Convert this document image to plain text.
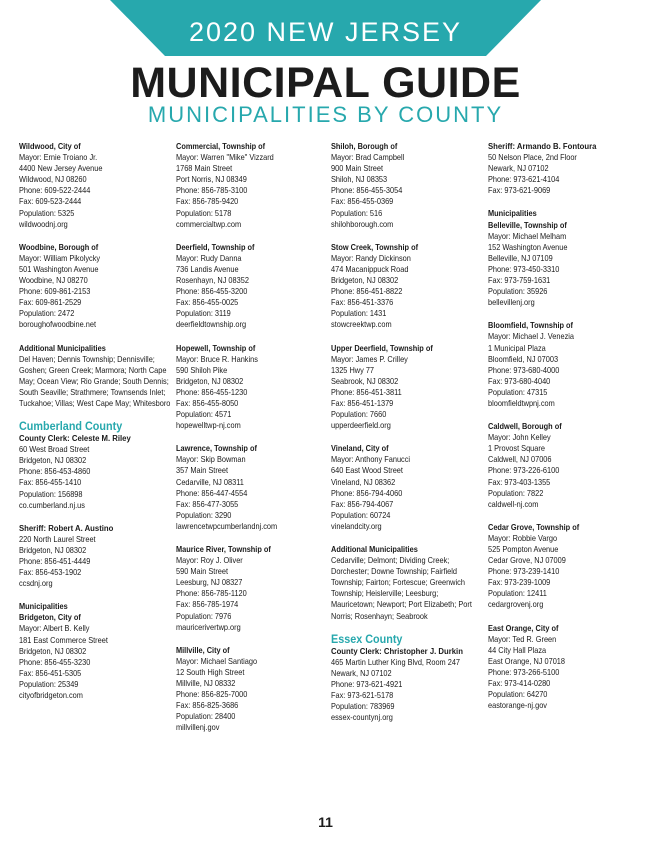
2020 NEW JERSEY
MUNICIPAL GUIDE
MUNICIPALITIES BY COUNTY
Wildwood, City of
Mayor: Ernie Troiano Jr.
4400 New Jersey Avenue
Wildwood, NJ 08260
Phone: 609-522-2444
Fax: 609-523-2444
Population: 5325
wildwoodnj.org
Woodbine, Borough of
Mayor: William Pikolycky
501 Washington Avenue
Woodbine, NJ 08270
Phone: 609-861-2153
Fax: 609-861-2529
Population: 2472
boroughofwoodbine.net
Additional Municipalities
Del Haven; Dennis Township; Dennisville; Goshen; Green Creek; Marmora; North Cape May; Ocean View; Rio Grande; South Dennis; South Seaville; Strathmere; Townsends Inlet; Tuckahoe; Villas; West Cape May; Whitesboro
Cumberland County
County Clerk: Celeste M. Riley
60 West Broad Street
Bridgeton, NJ 08302
Phone: 856-453-4860
Fax: 856-455-1410
Population: 156898
co.cumberland.nj.us
Sheriff: Robert A. Austino
220 North Laurel Street
Bridgeton, NJ 08302
Phone: 856-451-4449
Fax: 856-453-1902
ccsdnj.org
Municipalities
Bridgeton, City of
Mayor: Albert B. Kelly
181 East Commerce Street
Bridgeton, NJ 08302
Phone: 856-455-3230
Fax: 856-451-5305
Population: 25349
cityofbridgeton.com
Commercial, Township of
Mayor: Warren "Mike" Vizzard
1768 Main Street
Port Norris, NJ 08349
Phone: 856-785-3100
Fax: 856-785-9420
Population: 5178
commercialtwp.com
Deerfield, Township of
Mayor: Rudy Danna
736 Landis Avenue
Rosenhayn, NJ 08352
Phone: 856-455-3200
Fax: 856-455-0025
Population: 3119
deerfieldtownship.org
Hopewell, Township of
Mayor: Bruce R. Hankins
590 Shiloh Pike
Bridgeton, NJ 08302
Phone: 856-455-1230
Fax: 856-455-8050
Population: 4571
hopewelltwp-nj.com
Lawrence, Township of
Mayor: Skip Bowman
357 Main Street
Cedarville, NJ 08311
Phone: 856-447-4554
Fax: 856-477-3055
Population: 3290
lawrencetwpcumberlandnj.com
Maurice River, Township of
Mayor: Roy J. Oliver
590 Main Street
Leesburg, NJ 08327
Phone: 856-785-1120
Fax: 856-785-1974
Population: 7976
mauricerivertwp.org
Millville, City of
Mayor: Michael Santiago
12 South High Street
Millville, NJ 08332
Phone: 856-825-7000
Fax: 856-825-3686
Population: 28400
millvillenj.gov
Shiloh, Borough of
Mayor: Brad Campbell
900 Main Street
Shiloh, NJ 08353
Phone: 856-455-3054
Fax: 856-455-0369
Population: 516
shilohborough.com
Stow Creek, Township of
Mayor: Randy Dickinson
474 Macanippuck Road
Bridgeton, NJ 08302
Phone: 856-451-8822
Fax: 856-451-3376
Population: 1431
stowcreektwp.com
Upper Deerfield, Township of
Mayor: James P. Crilley
1325 Hwy 77
Seabrook, NJ 08302
Phone: 856-451-3811
Fax: 856-451-1379
Population: 7660
upperdeerfield.org
Vineland, City of
Mayor: Anthony Fanucci
640 East Wood Street
Vineland, NJ 08362
Phone: 856-794-4060
Fax: 856-794-4067
Population: 60724
vinelandcity.org
Additional Municipalities
Cedarville; Delmont; Dividing Creek; Dorchester; Downe Township; Fairfield Township; Fairton; Fortescue; Greenwich Township; Heislerville; Leesburg; Mauricetown; Newport; Port Elizabeth; Port Norris; Rosenhayn; Seabrook
Essex County
County Clerk: Christopher J. Durkin
465 Martin Luther King Blvd, Room 247
Newark, NJ 07102
Phone: 973-621-4921
Fax: 973-621-5178
Population: 783969
essex-countynj.org
Sheriff: Armando B. Fontoura
50 Nelson Place, 2nd Floor
Newark, NJ 07102
Phone: 973-621-4104
Fax: 973-621-9069
Municipalities
Belleville, Township of
Mayor: Michael Melham
152 Washington Avenue
Belleville, NJ 07109
Phone: 973-450-3310
Fax: 973-759-1631
Population: 35926
bellevillenj.org
Bloomfield, Township of
Mayor: Michael J. Venezia
1 Municipal Plaza
Bloomfield, NJ 07003
Phone: 973-680-4000
Fax: 973-680-4040
Population: 47315
bloomfieldtwpnj.com
Caldwell, Borough of
Mayor: John Kelley
1 Provost Square
Caldwell, NJ 07006
Phone: 973-226-6100
Fax: 973-403-1355
Population: 7822
caldwell-nj.com
Cedar Grove, Township of
Mayor: Robbie Vargo
525 Pompton Avenue
Cedar Grove, NJ 07009
Phone: 973-239-1410
Fax: 973-239-1009
Population: 12411
cedargrovenj.org
East Orange, City of
Mayor: Ted R. Green
44 City Hall Plaza
East Orange, NJ 07018
Phone: 973-266-5100
Fax: 973-414-0280
Population: 64270
eastorange-nj.gov
11
